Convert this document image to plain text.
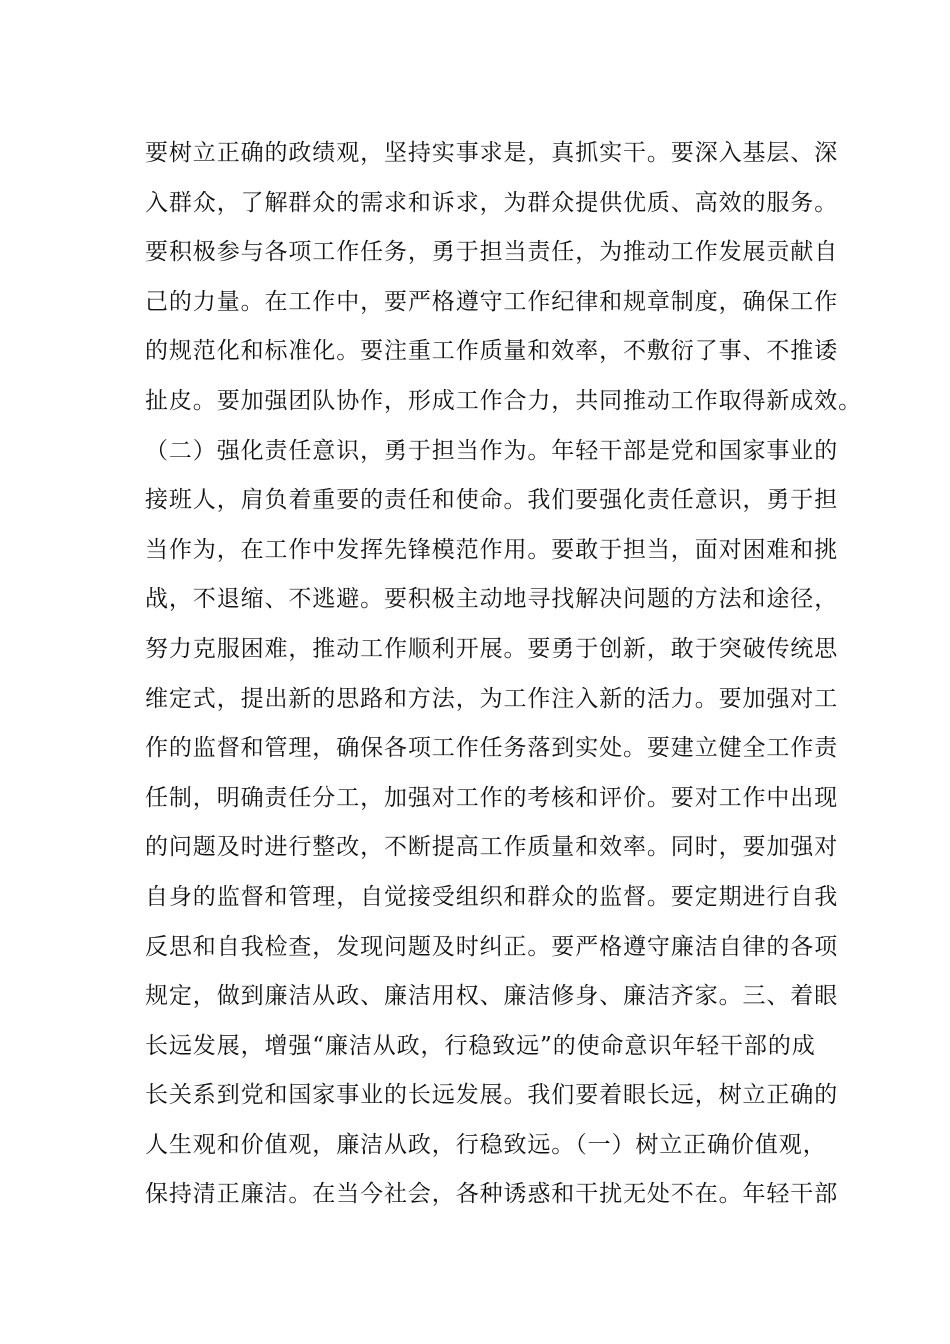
要树立正确的政绩观，坚持实事求是，真抓实干。要深入基层、深
入群众，了解群众的需求和诉求，为群众提供优质、高效的服务。
要积极参与各项工作任务，勇于担当责任，为推动工作发展贡献自
己的力量。在工作中，要严格遵守工作纪律和规章制度，确保工作
的规范化和标准化。要注重工作质量和效率，不敷衍了事、不推诿
扯皮。要加强团队协作，形成工作合力，共同推动工作取得新成效。
（二）强化责任意识，勇于担当作为。年轻干部是党和国家事业的
接班人，肩负着重要的责任和使命。我们要强化责任意识，勇于担
当作为，在工作中发挥先锋模范作用。要敢于担当，面对困难和挑
战，不退缩、不逃避。要积极主动地寻找解决问题的方法和途径，
努力克服困难，推动工作顺利开展。要勇于创新，敢于突破传统思
维定式，提出新的思路和方法，为工作注入新的活力。要加强对工
作的监督和管理，确保各项工作任务落到实处。要建立健全工作责
任制，明确责任分工，加强对工作的考核和评价。要对工作中出现
的问题及时进行整改，不断提高工作质量和效率。同时，要加强对
自身的监督和管理，自觉接受组织和群众的监督。要定期进行自我
反思和自我检查，发现问题及时纠正。要严格遵守廉洁自律的各项
规定，做到廉洁从政、廉洁用权、廉洁修身、廉洁齐家。三、着眼
长远发展，增强“廉洁从政，行稳致远”的使命意识年轻干部的成
长关系到党和国家事业的长远发展。我们要着眼长远，树立正确的
人生观和价值观，廉洁从政，行稳致远。（一）树立正确价值观，
保持清正廉洁。在当今社会，各种诱惑和干扰无处不在。年轻干部
